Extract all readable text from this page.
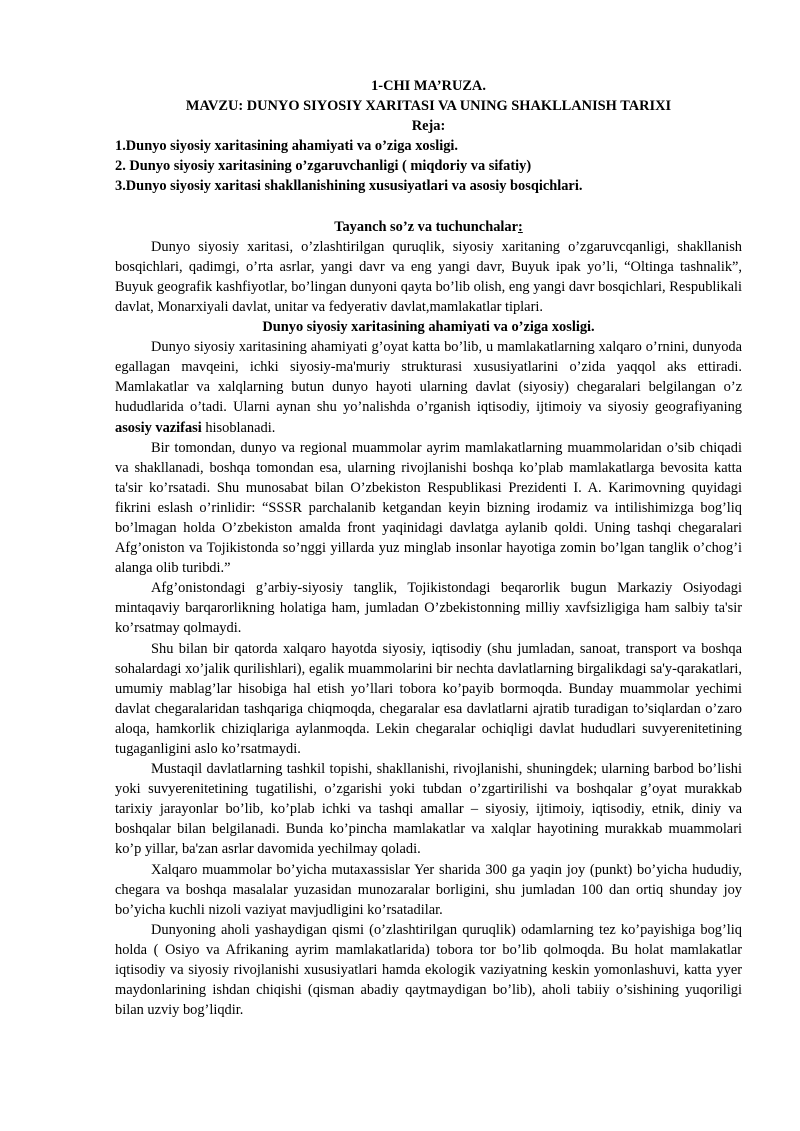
1-CHI MA’RUZA.
MAVZU: DUNYO SIYOSIY XARITASI VA UNING SHAKLLANISH TARIXI
Reja:
1.Dunyo siyosiy xaritasining ahamiyati va o’ziga xosligi.
2. Dunyo siyosiy xaritasining o’zgaruvchanligi ( miqdoriy va sifatiy)
3.Dunyo siyosiy xaritasi shakllanishining xususiyatlari va asosiy bosqichlari.
Tayanch so’z va tuchunchalar:

Dunyo siyosiy xaritasi, o’zlashtirilgan quruqlik, siyosiy xaritaning o’zgaruvcqanligi, shakllanish bosqichlari, qadimgi, o’rta asrlar, yangi davr va eng yangi davr, Buyuk ipak yo’li, “Oltinga tashnalik”, Buyuk geografik kashfiyotlar, bo’lingan dunyoni qayta bo’lib olish, eng yangi davr bosqichlari, Respublikali davlat, Monarxiyali davlat, unitar va fedyerativ davlat,mamlakatlar tiplari.

Dunyo siyosiy xaritasining ahamiyati va o’ziga xosligi.

Dunyo siyosiy xaritasining ahamiyati g’oyat katta bo’lib, u mamlakatlarning xalqaro o’rnini, dunyoda egallagan mavqeini, ichki siyosiy-ma'muriy strukturasi xususiyatlarini o’zida yaqqol aks ettiradi. Mamlakatlar va xalqlarning butun dunyo hayoti ularning davlat (siyosiy) chegaralari belgilangan o’z hududlarida o’tadi. Ularni aynan shu yo’nalishda o’rganish iqtisodiy, ijtimoiy va siyosiy geografiyaning asosiy vazifasi hisoblanadi.

Bir tomondan, dunyo va regional muammolar ayrim mamlakatlarning muammolaridan o’sib chiqadi va shakllanadi, boshqa tomondan esa, ularning rivojlanishi boshqa ko’plab mamlakatlarga bevosita katta ta'sir ko’rsatadi. Shu munosabat bilan O’zbekiston Respublikasi Prezidenti I. A. Karimovning quyidagi fikrini eslash o’rinlidir: “SSSR parchalanib ketgandan keyin bizning irodamiz va intilishimizga bog’liq bo’lmagan holda O’zbekiston amalda front yaqinidagi davlatga aylanib qoldi. Uning tashqi chegaralari Afg’oniston va Tojikistonda so’nggi yillarda yuz minglab insonlar hayotiga zomin bo’lgan tanglik o’chog’i alanga olib turibdi.”

Afg’onistondagi g’arbiy-siyosiy tanglik, Tojikistondagi beqarorlik bugun Markaziy Osiyodagi mintaqaviy barqarorlikning holatiga ham, jumladan O’zbekistonning milliy xavfsizligiga ham salbiy ta'sir ko’rsatmay qolmaydi.

Shu bilan bir qatorda xalqaro hayotda siyosiy, iqtisodiy (shu jumladan, sanoat, transport va boshqa sohalardagi xo’jalik qurilishlari), egalik muammolarini bir nechta davlatlarning birgalikdagi sa'y-qarakatlari, umumiy mablag’lar hisobiga hal etish yo’llari tobora ko’payib bormoqda. Bunday muammolar yechimi davlat chegaralaridan tashqariga chiqmoqda, chegaralar esa davlatlarni ajratib turadigan to’siqlardan o’zaro aloqa, hamkorlik chiziqlariga aylanmoqda. Lekin chegaralar ochiqligi davlat hududlari suvyerenitetining tugaganligini aslo ko’rsatmaydi.

Mustaqil davlatlarning tashkil topishi, shakllanishi, rivojlanishi, shuningdek; ularning barbod bo’lishi yoki suvyerenitetining tugatilishi, o’zgarishi yoki tubdan o’zgartirilishi va boshqalar g’oyat murakkab tarixiy jarayonlar bo’lib, ko’plab ichki va tashqi amallar – siyosiy, ijtimoiy, iqtisodiy, etnik, diniy va boshqalar bilan belgilanadi. Bunda ko’pincha mamlakatlar va xalqlar hayotining murakkab muammolari ko’p yillar, ba'zan asrlar davomida yechilmay qoladi.

Xalqaro muammolar bo’yicha mutaxassislar Yer sharida 300 ga yaqin joy (punkt) bo’yicha hududiy, chegara va boshqa masalalar yuzasidan munozaralar borligini, shu jumladan 100 dan ortiq shunday joy bo’yicha kuchli nizoli vaziyat mavjudligini ko’rsatadilar.

Dunyoning aholi yashaydigan qismi (o’zlashtirilgan quruqlik) odamlarning tez ko’payishiga bog’liq holda ( Osiyo va Afrikaning ayrim mamlakatlarida) tobora tor bo’lib qolmoqda. Bu holat mamlakatlar iqtisodiy va siyosiy rivojlanishi xususiyatlari hamda ekologik vaziyatning keskin yomonlashuvi, katta yyer maydonlarining ishdan chiqishi (qisman abadiy qaytmaydigan bo’lib), aholi tabiiy o’sishining yuqoriligi bilan uzviy bog’liqdir.
